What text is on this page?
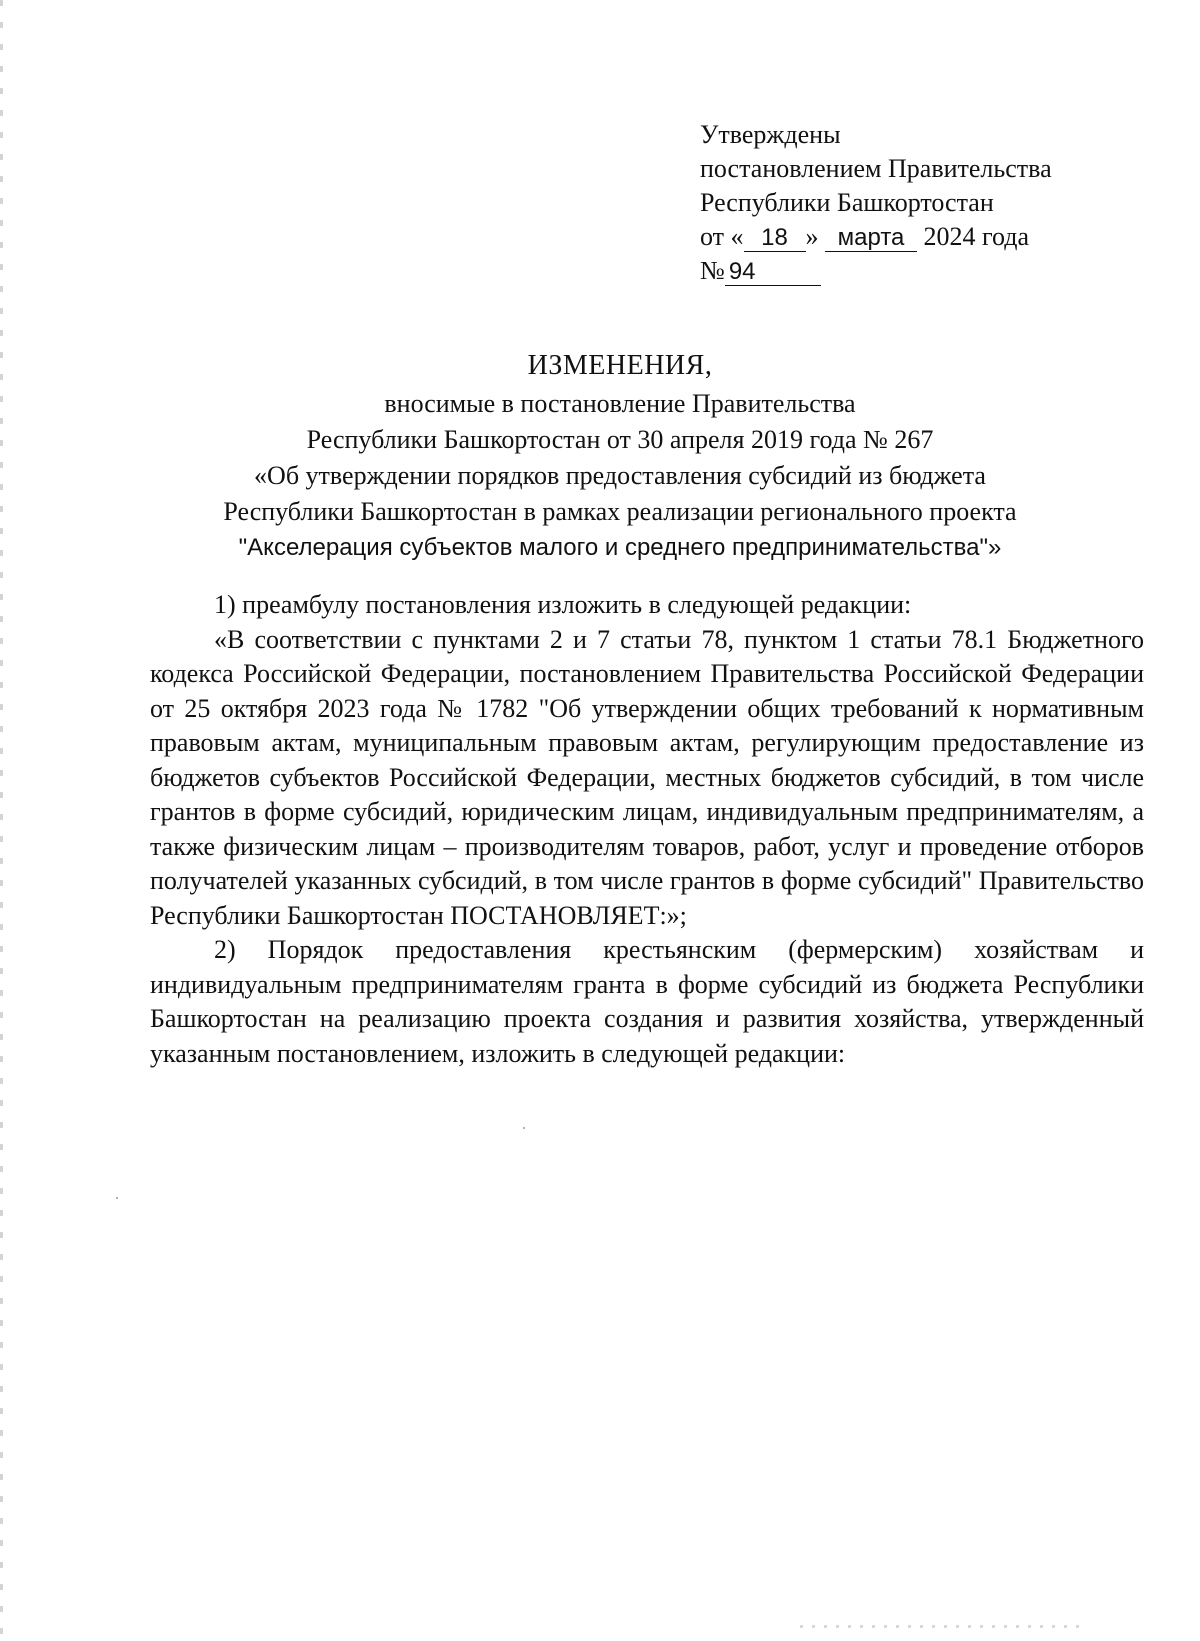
Утверждены
постановлением Правительства
Республики Башкортостан
от « 18 » марта 2024 года
№ 94
ИЗМЕНЕНИЯ,
вносимые в постановление Правительства
Республики Башкортостан от 30 апреля 2019 года № 267
«Об утверждении порядков предоставления субсидий из бюджета
Республики Башкортостан в рамках реализации регионального проекта
"Акселерация субъектов малого и среднего предпринимательства"»

1) преамбулу постановления изложить в следующей редакции:

«В соответствии с пунктами 2 и 7 статьи 78, пунктом 1 статьи 78.1 Бюджетного кодекса Российской Федерации, постановлением Правительства Российской Федерации от 25 октября 2023 года № 1782 "Об утверждении общих требований к нормативным правовым актам, муниципальным правовым актам, регулирующим предоставление из бюджетов субъектов Российской Федерации, местных бюджетов субсидий, в том числе грантов в форме субсидий, юридическим лицам, индивидуальным предпринимателям, а также физическим лицам – производителям товаров, работ, услуг и проведение отборов получателей указанных субсидий, в том числе грантов в форме субсидий" Правительство Республики Башкортостан ПОСТАНОВЛЯЕТ:»;

2) Порядок предоставления крестьянским (фермерским) хозяйствам и индивидуальным предпринимателям гранта в форме субсидий из бюджета Республики Башкортостан на реализацию проекта создания и развития хозяйства, утвержденный указанным постановлением, изложить в следующей редакции:
